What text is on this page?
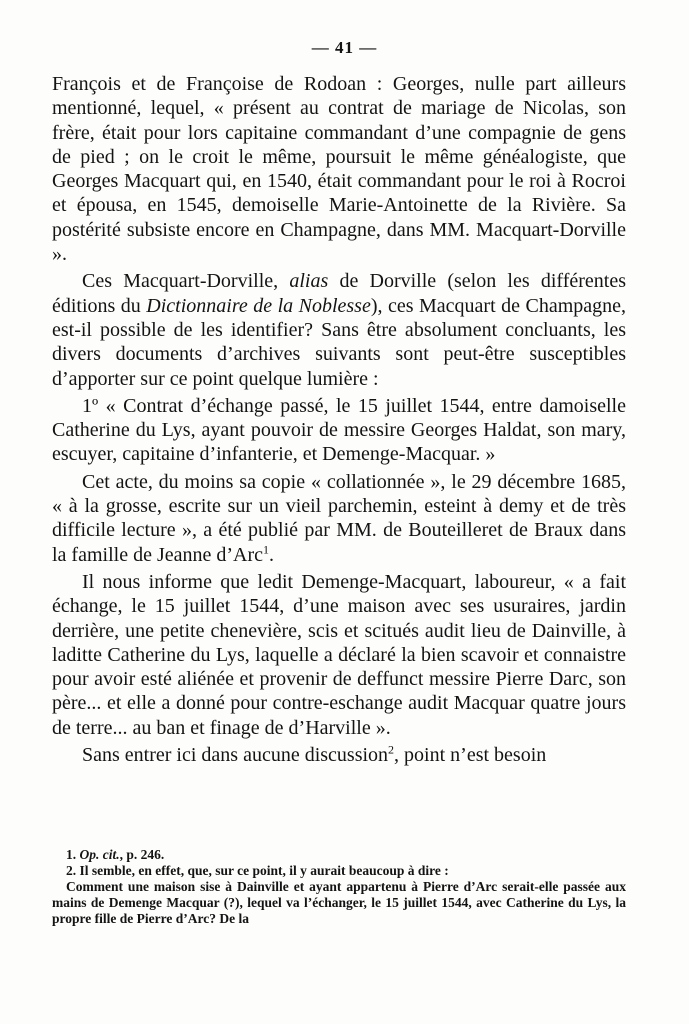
— 41 —

François et de Françoise de Rodoan : Georges, nulle part ailleurs mentionné, lequel, « présent au contrat de mariage de Nicolas, son frère, était pour lors capitaine commandant d’une compagnie de gens de pied ; on le croit le même, poursuit le même généalogiste, que Georges Macquart qui, en 1540, était commandant pour le roi à Rocroi et épousa, en 1545, demoiselle Marie-Antoinette de la Rivière. Sa postérité subsiste encore en Champagne, dans MM. Macquart-Dorville ».

Ces Macquart-Dorville, alias de Dorville (selon les différentes éditions du Dictionnaire de la Noblesse), ces Macquart de Champagne, est-il possible de les identifier? Sans être absolument concluants, les divers documents d’archives suivants sont peut-être susceptibles d’apporter sur ce point quelque lumière :

1º « Contrat d’échange passé, le 15 juillet 1544, entre damoiselle Catherine du Lys, ayant pouvoir de messire Georges Haldat, son mary, escuyer, capitaine d’infanterie, et Demenge-Macquar. »

Cet acte, du moins sa copie « collationnée », le 29 décembre 1685, « à la grosse, escrite sur un vieil parchemin, esteint à demy et de très difficile lecture », a été publié par MM. de Bouteilleret de Braux dans la famille de Jeanne d’Arc$^1$.

Il nous informe que ledit Demenge-Macquart, laboureur, « a fait échange, le 15 juillet 1544, d’une maison avec ses usuraires, jardin derrière, une petite chenevière, scis et scitués audit lieu de Dainville, à laditte Catherine du Lys, laquelle a déclaré la bien scavoir et connaistre pour avoir esté aliénée et provenir de deffunct messire Pierre Darc, son père... et elle a donné pour contre-eschange audit Macquar quatre jours de terre... au ban et finage de d’Harville ».

Sans entrer ici dans aucune discussion$^2$, point n’est besoin

1. Op. cit., p. 246.

2. Il semble, en effet, que, sur ce point, il y aurait beaucoup à dire :

Comment une maison sise à Dainville et ayant appartenu à Pierre d’Arc serait-elle passée aux mains de Demenge Macquar (?), lequel va l’échanger, le 15 juillet 1544, avec Catherine du Lys, la propre fille de Pierre d’Arc? De la
